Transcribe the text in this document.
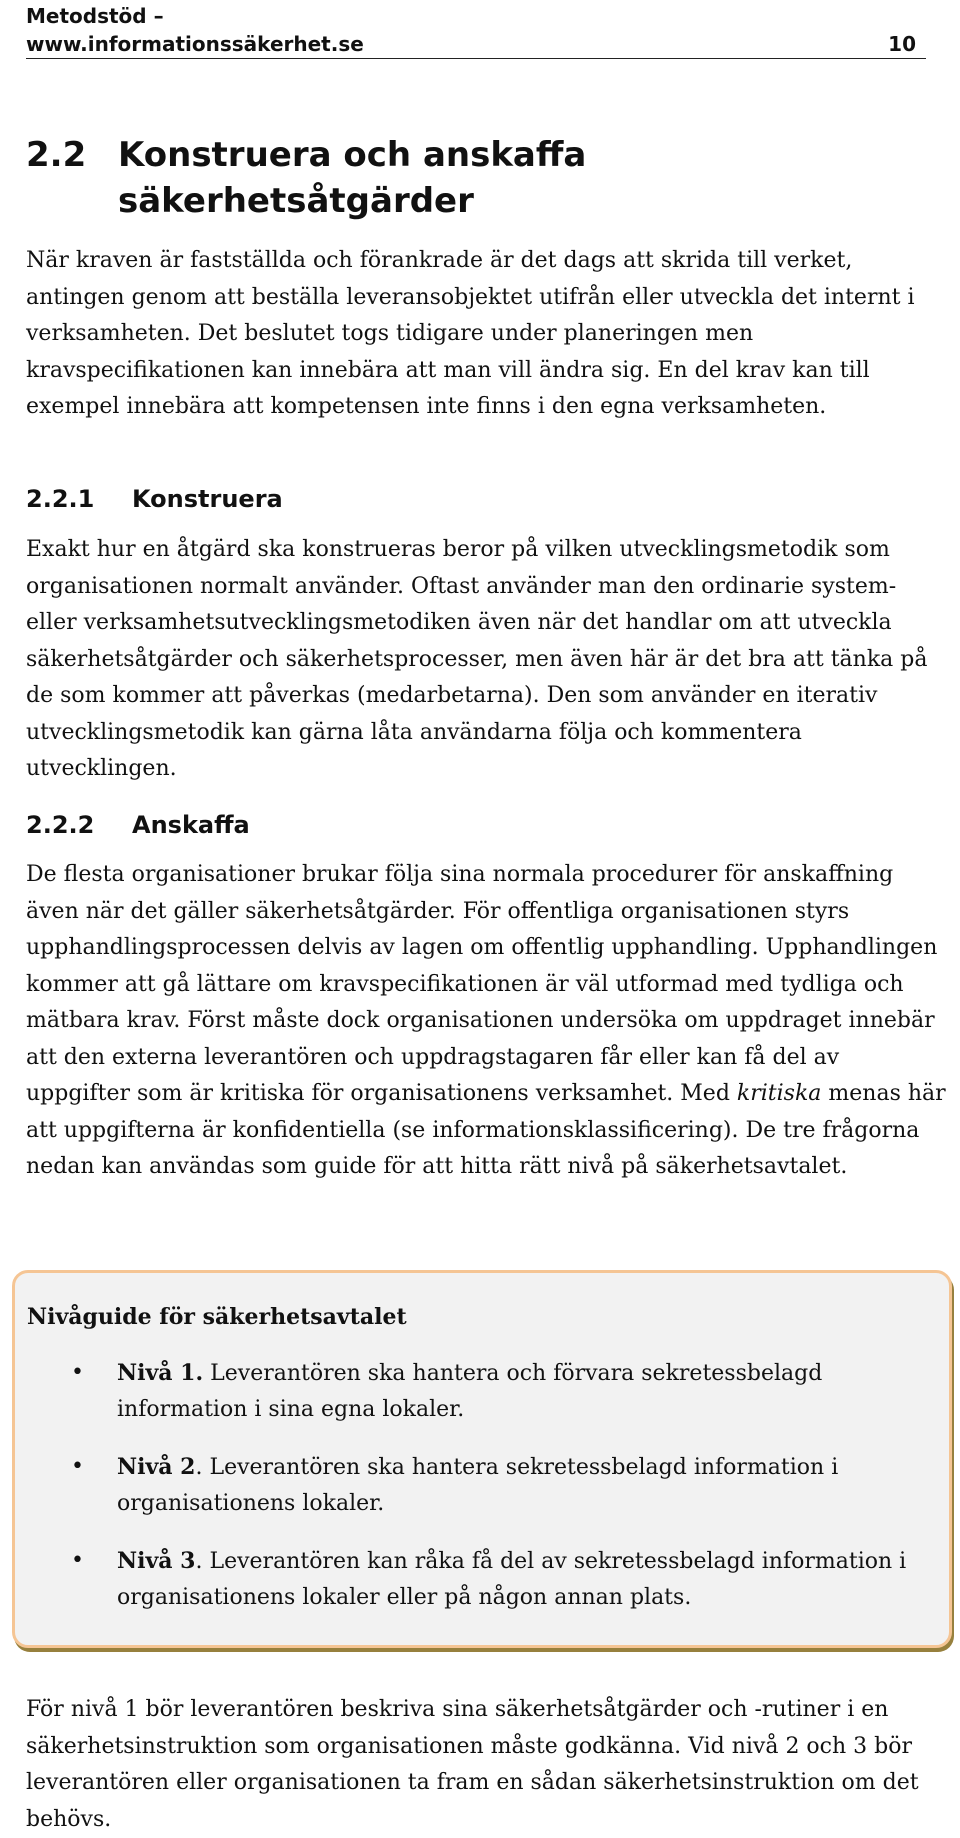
Metodstöd –
www.informationssäkerhet.se	10
2.2 Konstruera och anskaffa
säkerhetsåtgärder

När kraven är fastställda och förankrade är det dags att skrida till verket, antingen genom att beställa leveransobjektet utifrån eller utveckla det internt i verksamheten. Det beslutet togs tidigare under planeringen men kravspecifikationen kan innebära att man vill ändra sig. En del krav kan till exempel innebära att kompetensen inte finns i den egna verksamheten.

2.2.1 Konstruera

Exakt hur en åtgärd ska konstrueras beror på vilken utvecklingsmetodik som organisationen normalt använder. Oftast använder man den ordinarie system- eller verksamhetsutvecklingsmetodiken även när det handlar om att utveckla säkerhetsåtgärder och säkerhetsprocesser, men även här är det bra att tänka på de som kommer att påverkas (medarbetarna). Den som använder en iterativ utvecklingsmetodik kan gärna låta användarna följa och kommentera utvecklingen.

2.2.2 Anskaffa

De flesta organisationer brukar följa sina normala procedurer för anskaffning även när det gäller säkerhetsåtgärder. För offentliga organisationen styrs upphandlingsprocessen delvis av lagen om offentlig upphandling. Upphandlingen kommer att gå lättare om kravspecifikationen är väl utformad med tydliga och mätbara krav. Först måste dock organisationen undersöka om uppdraget innebär att den externa leverantören och uppdragstagaren får eller kan få del av uppgifter som är kritiska för organisationens verksamhet. Med kritiska menas här att uppgifterna är konfidentiella (se informationsklassificering). De tre frågorna nedan kan användas som guide för att hitta rätt nivå på säkerhetsavtalet.

Nivåguide för säkerhetsavtalet

• Nivå 1. Leverantören ska hantera och förvara sekretessbelagd information i sina egna lokaler.
• Nivå 2. Leverantören ska hantera sekretessbelagd information i organisationens lokaler.
• Nivå 3. Leverantören kan råka få del av sekretessbelagd information i organisationens lokaler eller på någon annan plats.

För nivå 1 bör leverantören beskriva sina säkerhetsåtgärder och -rutiner i en säkerhetsinstruktion som organisationen måste godkänna. Vid nivå 2 och 3 bör leverantören eller organisationen ta fram en sådan säkerhetsinstruktion om det behövs.
